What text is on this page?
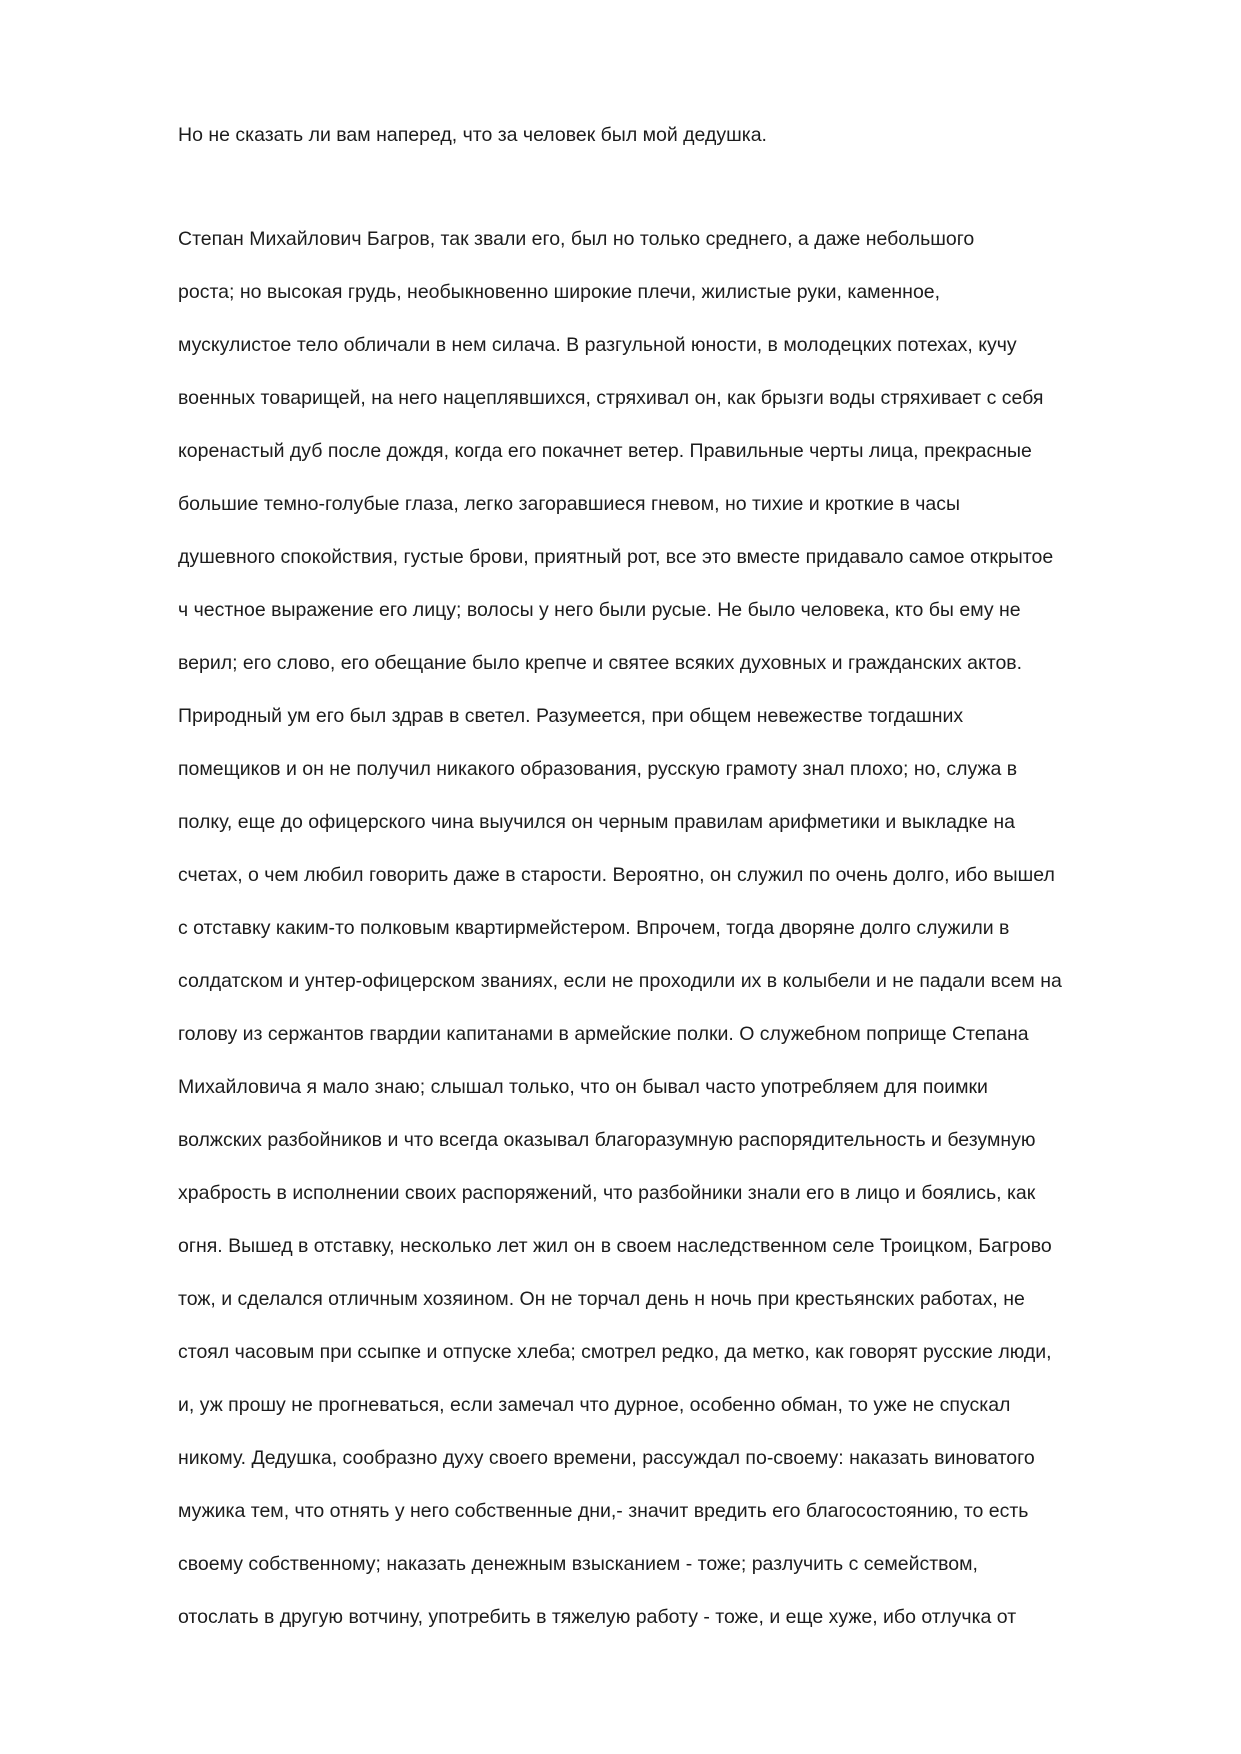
Но не сказать ли вам наперед, что за человек был мой дедушка.
Степан Михайлович Багров, так звали его, был но только среднего, а даже небольшого
роста; но высокая грудь, необыкновенно широкие плечи, жилистые руки, каменное,
мускулистое тело обличали в нем силача. В разгульной юности, в молодецких потехах, кучу
военных товарищей, на него нацеплявшихся, стряхивал он, как брызги воды стряхивает с себя
коренастый дуб после дождя, когда его покачнет ветер. Правильные черты лица, прекрасные
большие темно-голубые глаза, легко загоравшиеся гневом, но тихие и кроткие в часы
душевного спокойствия, густые брови, приятный рот, все это вместе придавало самое открытое
ч честное выражение его лицу; волосы у него были русые. Не было человека, кто бы ему не
верил; его слово, его обещание было крепче и святее всяких духовных и гражданских актов.
Природный ум его был здрав в светел. Разумеется, при общем невежестве тогдашних
помещиков и он не получил никакого образования, русскую грамоту знал плохо; но, служа в
полку, еще до офицерского чина выучился он черным правилам арифметики и выкладке на
счетах, о чем любил говорить даже в старости. Вероятно, он служил по очень долго, ибо вышел
с отставку каким-то полковым квартирмейстером. Впрочем, тогда дворяне долго служили в
солдатском и унтер-офицерском званиях, если не проходили их в колыбели и не падали всем на
голову из сержантов гвардии капитанами в армейские полки. О служебном поприще Степана
Михайловича я мало знаю; слышал только, что он бывал часто употребляем для поимки
волжских разбойников и что всегда оказывал благоразумную распорядительность и безумную
храбрость в исполнении своих распоряжений, что разбойники знали его в лицо и боялись, как
огня. Вышед в отставку, несколько лет жил он в своем наследственном селе Троицком, Багрово
тож, и сделался отличным хозяином. Он не торчал день н ночь при крестьянских работах, не
стоял часовым при ссыпке и отпуске хлеба; смотрел редко, да метко, как говорят русские люди,
и, уж прошу не прогневаться, если замечал что дурное, особенно обман, то уже не спускал
никому. Дедушка, сообразно духу своего времени, рассуждал по-своему: наказать виноватого
мужика тем, что отнять у него собственные дни,- значит вредить его благосостоянию, то есть
своему собственному; наказать денежным взысканием - тоже; разлучить с семейством,
отослать в другую вотчину, употребить в тяжелую работу - тоже, и еще хуже, ибо отлучка от
